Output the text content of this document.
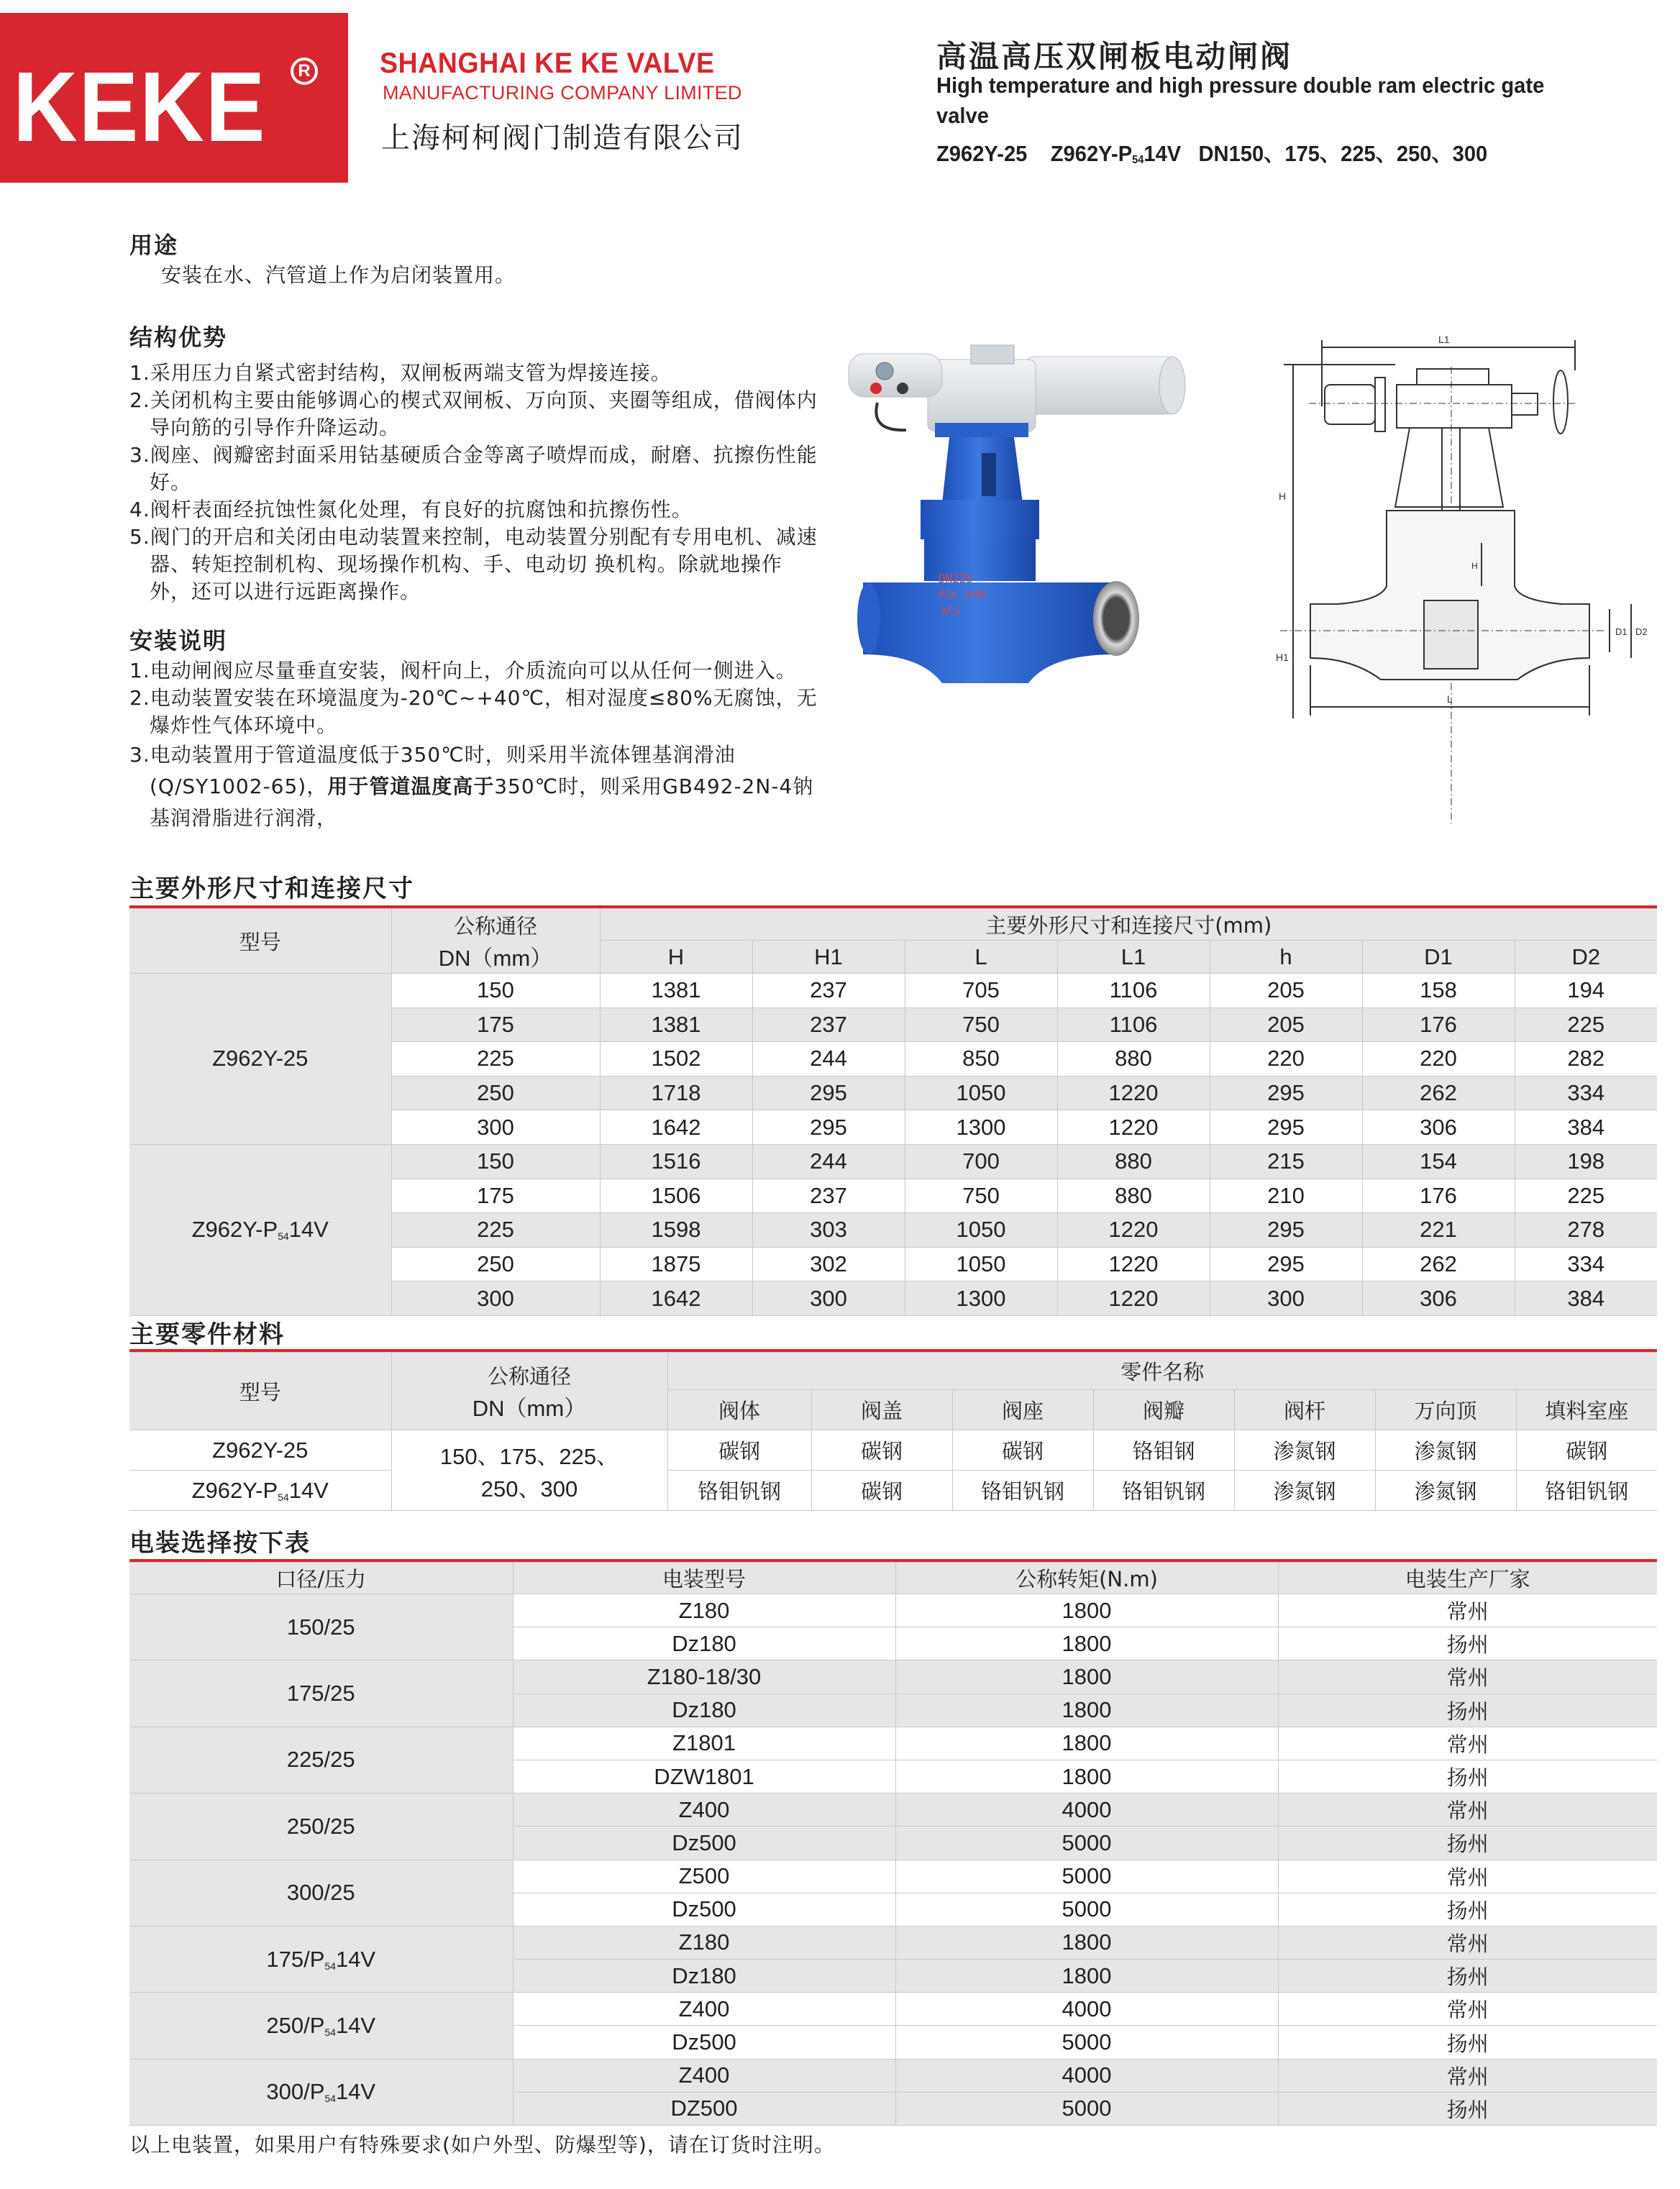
KEKE	R SHANGHAI KE KE VALVE
MANUFACTURING COMPANY LIMITED
上海柯柯阀门制造有限公司
高温高压双闸板电动闸阀
High temperature and high pressure double ram electric gate valve
Z962Y-25 Z962Y-P5414V DN150、175、225、250、300
用途
安装在水、汽管道上作为启闭装置用。
结构优势
1.采用压力自紧式密封结构，双闸板两端支管为焊接连接。
2.关闭机构主要由能够调心的楔式双闸板、万向顶、夹圈等组成，借阀体内导向筋的引导作升降运动。
3.阀座、阀瓣密封面采用钴基硬质合金等离子喷焊而成，耐磨、抗擦伤性能好。
4.阀杆表面经抗蚀性氮化处理，有良好的抗腐蚀和抗擦伤性。
5.阀门的开启和关闭由电动装置来控制，电动装置分别配有专用电机、减速器、转矩控制机构、现场操作机构、手、电动切 换机构。除就地操作外，还可以进行远距离操作。
安装说明
1.电动闸阀应尽量垂直安装，阀杆向上，介质流向可以从任何一侧进入。
2.电动装置安装在环境温度为-20℃~+40℃，相对湿度≤80%无腐蚀，无爆炸性气体环境中。
3.电动装置用于管道温度低于350℃时，则采用半流体锂基润滑油(Q/SY1002-65)，用于管道温度高于350℃时，则采用GB492-2N-4钠基润滑脂进行润滑，
DN225
P54 140V
WCS
L1
H
H1
D1 D2
H
L
主要外形尺寸和连接尺寸
型号	公称通径
DN（mm）	主要外形尺寸和连接尺寸(mm)						
		H	H1	L	L1	h	D1	D2
Z962Y-25	150	1381	237	705	1106	205	158	194
	175	1381	237	750	1106	205	176	225
	225	1502	244	850	880	220	220	282
	250	1718	295	1050	1220	295	262	334
	300	1642	295	1300	1220	295	306	384
$Z962Y-P_{54}14V$	150	1516	244	700	880	215	154	198
	175	1506	237	750	880	210	176	225
	225	1598	303	1050	1220	295	221	278
	250	1875	302	1050	1220	295	262	334
	300	1642	300	1300	1220	300	306	384
主要零件材料
型号	公称通径
DN（mm）	零件名称						
		阀体	阀盖	阀座	阀瓣	阀杆	万向顶	填料室座
Z962Y-25	150、175、225、
250、300	碳钢	碳钢	碳钢	铬钼钢	渗氮钢	渗氮钢	碳钢
$Z962Y-P_{54}14V$		铬钼钒钢	碳钢	铬钼钒钢	铬钼钒钢	渗氮钢	渗氮钢	铬钼钒钢
电装选择按下表
口径/压力	电装型号	公称转矩(N.m)	电装生产厂家
150/25	Z180	1800	常州
	Dz180	1800	扬州
175/25	Z180-18/30	1800	常州
	Dz180	1800	扬州
225/25	Z1801	1800	常州
	DZW1801	1800	扬州
250/25	Z400	4000	常州
	Dz500	5000	扬州
300/25	Z500	5000	常州
	Dz500	5000	扬州
$175/P_{54}14V$	Z180	1800	常州
	Dz180	1800	扬州
$250/P_{54}14V$	Z400	4000	常州
	Dz500	5000	扬州
$300/P_{54}14V$	Z400	4000	常州
	DZ500	5000	扬州
以上电装置，如果用户有特殊要求(如户外型、防爆型等)，请在订货时注明。
